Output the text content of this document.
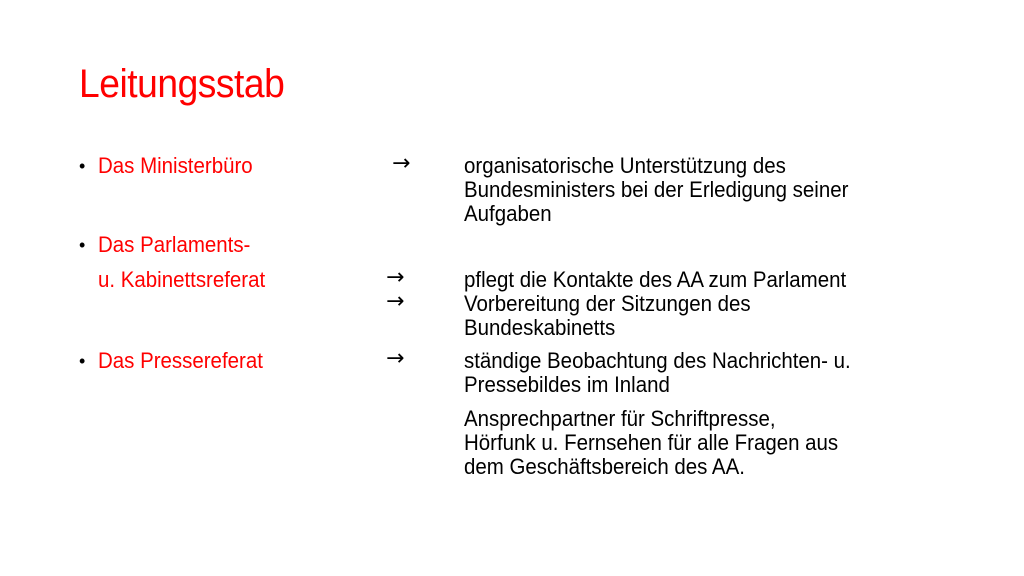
Leitungsstab
• Das Ministerbüro	→ organisatorische Unterstützung des
Bundesministers bei der Erledigung seiner
Aufgaben
• Das Parlaments-
u. Kabinettsreferat	→	pflegt die Kontakte des AA zum Parlament
→	Vorbereitung der Sitzungen des
Bundeskabinetts
• Das Pressereferat	→	ständige Beobachtung des Nachrichten- u.
Pressebildes im Inland
Ansprechpartner für Schriftpresse,
Hörfunk u. Fernsehen für alle Fragen aus
dem Geschäftsbereich des AA.
